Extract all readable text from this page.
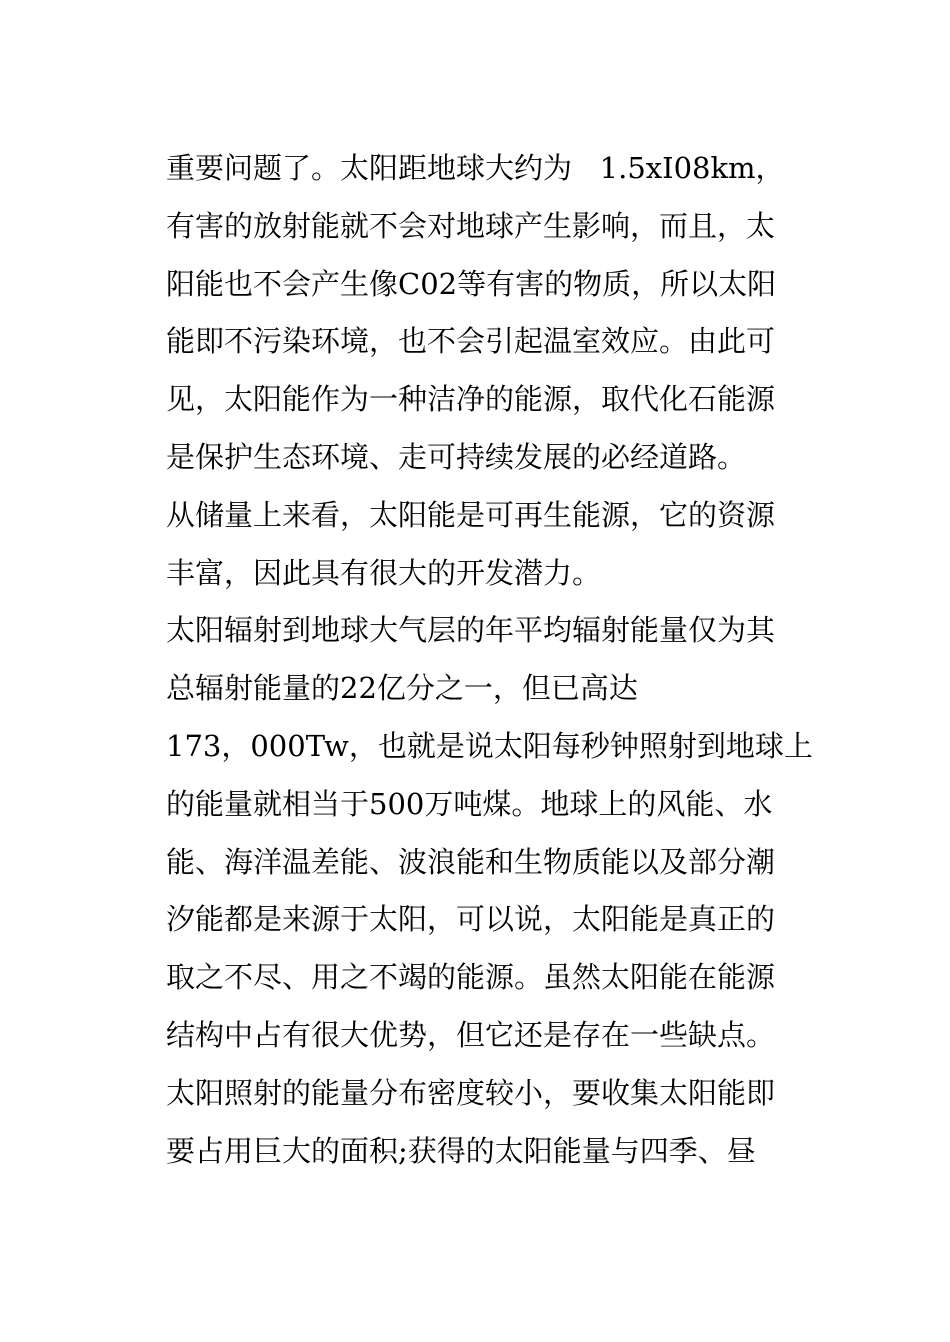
重要问题了。太阳距地球大约为   1.5xI08km，
有害的放射能就不会对地球产生影响，而且，太
阳能也不会产生像C02等有害的物质，所以太阳
能即不污染环境，也不会引起温室效应。由此可
见，太阳能作为一种洁净的能源，取代化石能源
是保护生态环境、走可持续发展的必经道路。
从储量上来看，太阳能是可再生能源，它的资源
丰富，因此具有很大的开发潜力。
太阳辐射到地球大气层的年平均辐射能量仅为其
总辐射能量的22亿分之一，但已高达
173，000Tw，也就是说太阳每秒钟照射到地球上
的能量就相当于500万吨煤。地球上的风能、水
能、海洋温差能、波浪能和生物质能以及部分潮
汐能都是来源于太阳，可以说，太阳能是真正的
取之不尽、用之不竭的能源。虽然太阳能在能源
结构中占有很大优势，但它还是存在一些缺点。
太阳照射的能量分布密度较小，要收集太阳能即
要占用巨大的面积;获得的太阳能量与四季、昼
